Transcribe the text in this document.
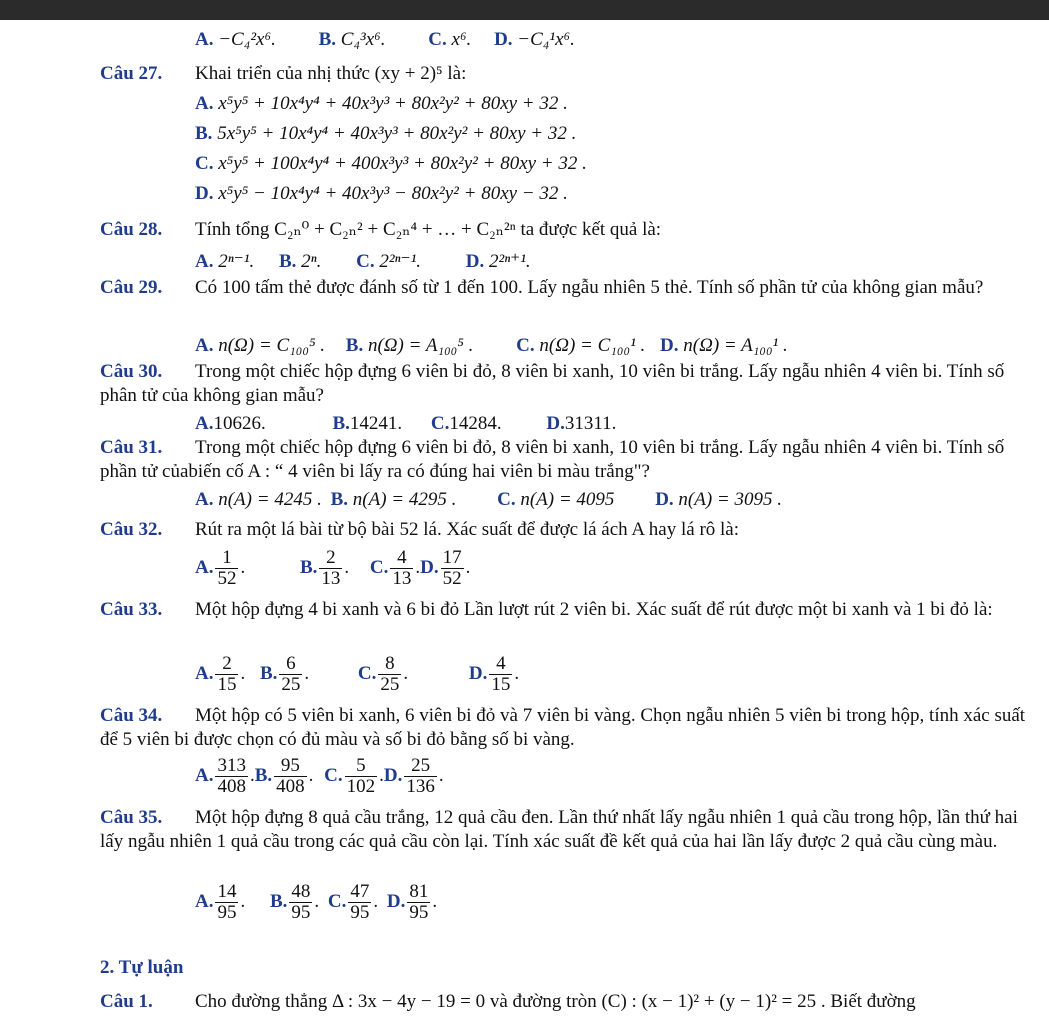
A. −C₄²x⁶. B. C₄³x⁶. C. x⁶. D. −C₄¹x⁶.
Câu 27. Khai triển của nhị thức (xy + 2)⁵ là:
A. x⁵y⁵ + 10x⁴y⁴ + 40x³y³ + 80x²y² + 80xy + 32 .
B. 5x⁵y⁵ + 10x⁴y⁴ + 40x³y³ + 80x²y² + 80xy + 32 .
C. x⁵y⁵ + 100x⁴y⁴ + 400x³y³ + 80x²y² + 80xy + 32 .
D. x⁵y⁵ − 10x⁴y⁴ + 40x³y³ − 80x²y² + 80xy − 32 .
Câu 28. Tính tổng C₂ₙ⁰ + C₂ₙ² + C₂ₙ⁴ + … + C₂ₙ²ⁿ ta được kết quả là:
A. 2ⁿ⁻¹. B. 2ⁿ. C. 2²ⁿ⁻¹. D. 2²ⁿ⁺¹.
Câu 29. Có 100 tấm thẻ được đánh số từ 1 đến 100. Lấy ngẫu nhiên 5 thẻ. Tính số phần tử của không gian mẫu?
A. n(Ω) = C₁₀₀⁵ . B. n(Ω) = A₁₀₀⁵ . C. n(Ω) = C₁₀₀¹ . D. n(Ω) = A₁₀₀¹ .
Câu 30. Trong một chiếc hộp đựng 6 viên bi đỏ, 8 viên bi xanh, 10 viên bi trắng. Lấy ngẫu nhiên 4 viên bi. Tính số phân tử của không gian mẫu?
A.10626.	B.14241. C.14284. D.31311.
Câu 31. Trong một chiếc hộp đựng 6 viên bi đỏ, 8 viên bi xanh, 10 viên bi trắng. Lấy ngẫu nhiên 4 viên bi. Tính số phần tử củabiến cố A : “ 4 viên bi lấy ra có đúng hai viên bi màu trắng"?
A. n(A) = 4245 . B. n(A) = 4295 . C. n(A) = 4095 D. n(A) = 3095 .
Câu 32. Rút ra một lá bài từ bộ bài 52 lá. Xác suất để được lá ách A hay lá rô là:
A. $\frac{1}{52}$ .	B. $\frac{2}{13}$ . C. $\frac{4}{13} .D$. $\frac{17}{52}$ .
Câu 33. Một hộp đựng 4 bi xanh và 6 bi đỏ Lần lượt rút 2 viên bi. Xác suất để rút được một bi xanh và 1 bi đỏ là:
A. $\frac{2}{15}$ . B. $\frac{6}{25}$ .	C. $\frac{8}{25}$ .	D. $\frac{4}{15}$ .
Câu 34. Một hộp có 5 viên bi xanh, 6 viên bi đỏ và 7 viên bi vàng. Chọn ngẫu nhiên 5 viên bi trong hộp, tính xác suất để 5 viên bi được chọn có đủ màu và số bi đỏ bằng số bi vàng.
A. $\frac{313}{408} .B$. $\frac{95}{408}$ . C. $\frac{5}{102} .D$. $\frac{25}{136}$ .
Câu 35. Một hộp đựng 8 quả cầu trắng, 12 quả cầu đen. Lần thứ nhất lấy ngẫu nhiên 1 quả cầu trong hộp, lần thứ hai lấy ngẫu nhiên 1 quả cầu trong các quả cầu còn lại. Tính xác suất đề kết quả của hai lần lấy được 2 quả cầu cùng màu.
A. $\frac{14}{95}$ . B. $\frac{48}{95}$ . C. $\frac{47}{95}$ . D. $\frac{81}{95}$ .
2. Tự luận
Câu 1. Cho đường thẳng Δ : 3x − 4y − 19 = 0 và đường tròn (C) : (x − 1)² + (y − 1)² = 25 . Biết đường
